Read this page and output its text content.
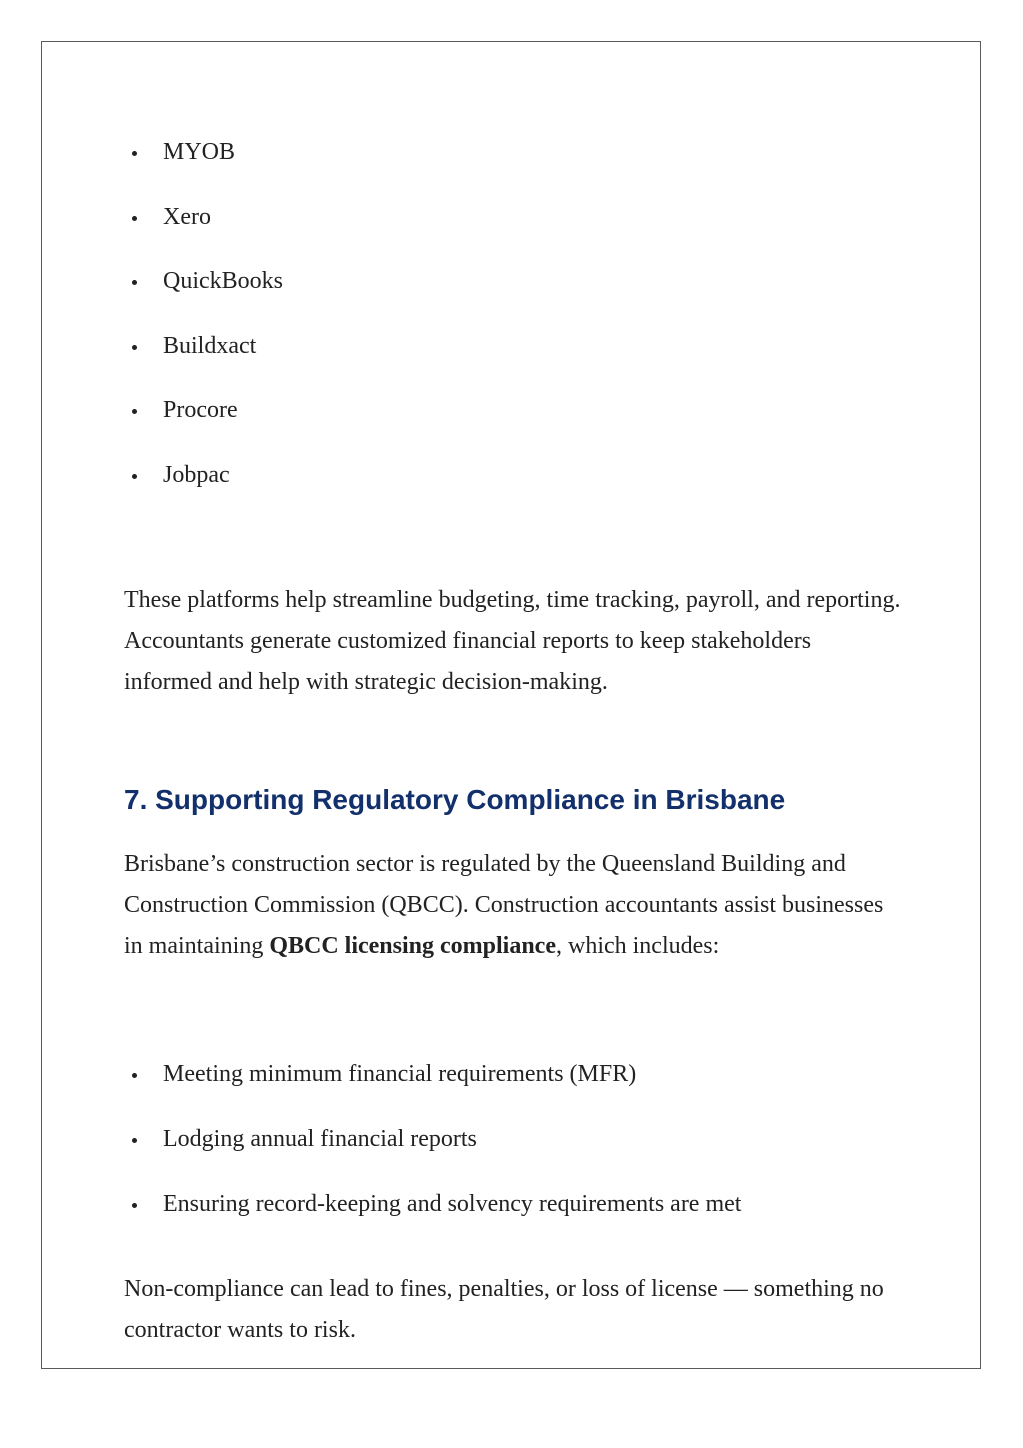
MYOB
Xero
QuickBooks
Buildxact
Procore
Jobpac

These platforms help streamline budgeting, time tracking, payroll, and reporting. Accountants generate customized financial reports to keep stakeholders informed and help with strategic decision-making.

7. Supporting Regulatory Compliance in Brisbane

Brisbane’s construction sector is regulated by the Queensland Building and Construction Commission (QBCC). Construction accountants assist businesses in maintaining QBCC licensing compliance, which includes:

Meeting minimum financial requirements (MFR)
Lodging annual financial reports
Ensuring record-keeping and solvency requirements are met

Non-compliance can lead to fines, penalties, or loss of license — something no contractor wants to risk.
